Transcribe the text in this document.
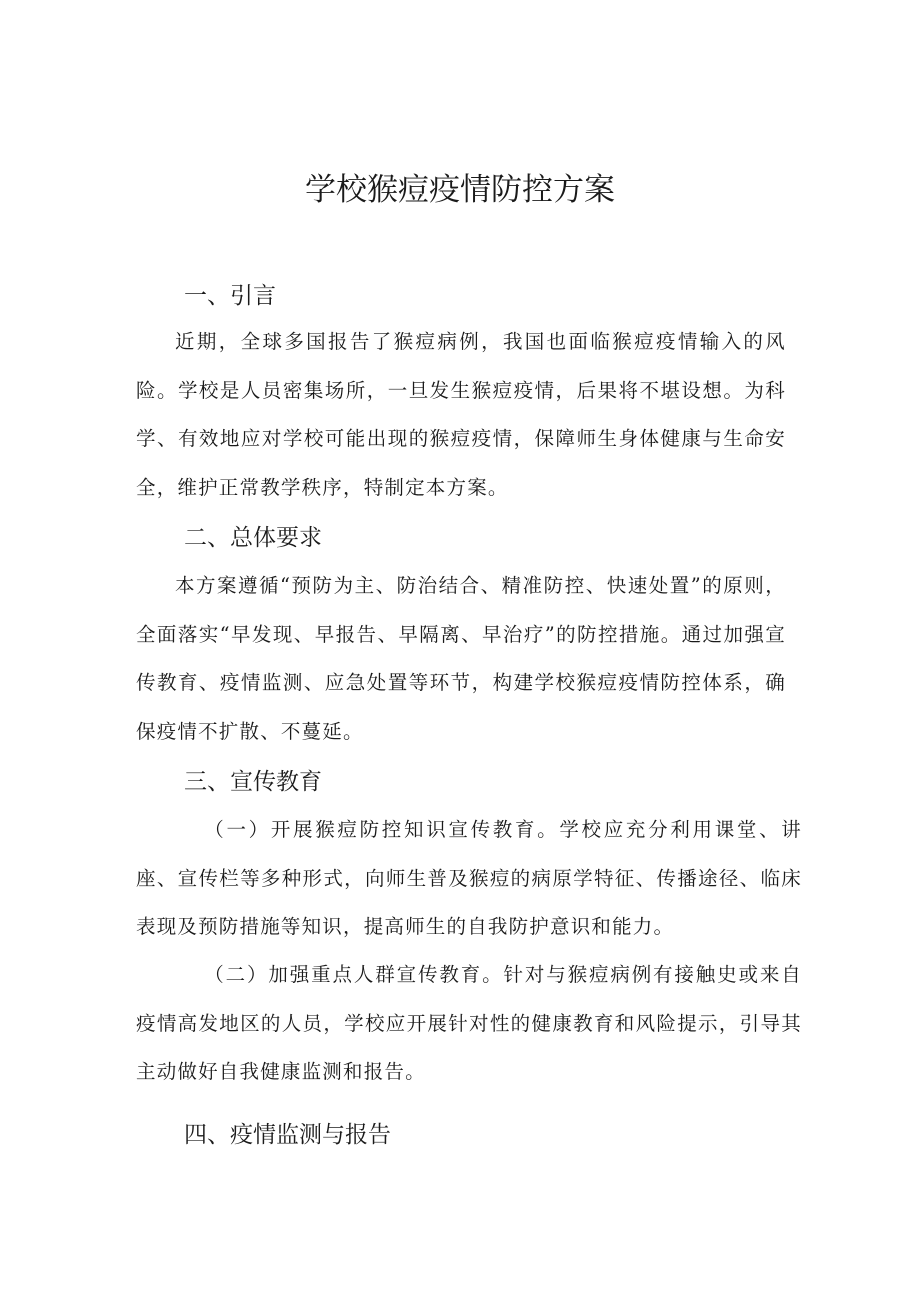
学校猴痘疫情防控方案
一、引言

近期，全球多国报告了猴痘病例，我国也面临猴痘疫情输入的风险。学校是人员密集场所，一旦发生猴痘疫情，后果将不堪设想。为科学、有效地应对学校可能出现的猴痘疫情，保障师生身体健康与生命安全，维护正常教学秩序，特制定本方案。

二、总体要求

本方案遵循“预防为主、防治结合、精准防控、快速处置”的原则，全面落实“早发现、早报告、早隔离、早治疗”的防控措施。通过加强宣传教育、疫情监测、应急处置等环节，构建学校猴痘疫情防控体系，确保疫情不扩散、不蔓延。

三、宣传教育

（一）开展猴痘防控知识宣传教育。学校应充分利用课堂、讲座、宣传栏等多种形式，向师生普及猴痘的病原学特征、传播途径、临床表现及预防措施等知识，提高师生的自我防护意识和能力。

（二）加强重点人群宣传教育。针对与猴痘病例有接触史或来自疫情高发地区的人员，学校应开展针对性的健康教育和风险提示，引导其主动做好自我健康监测和报告。

四、疫情监测与报告
